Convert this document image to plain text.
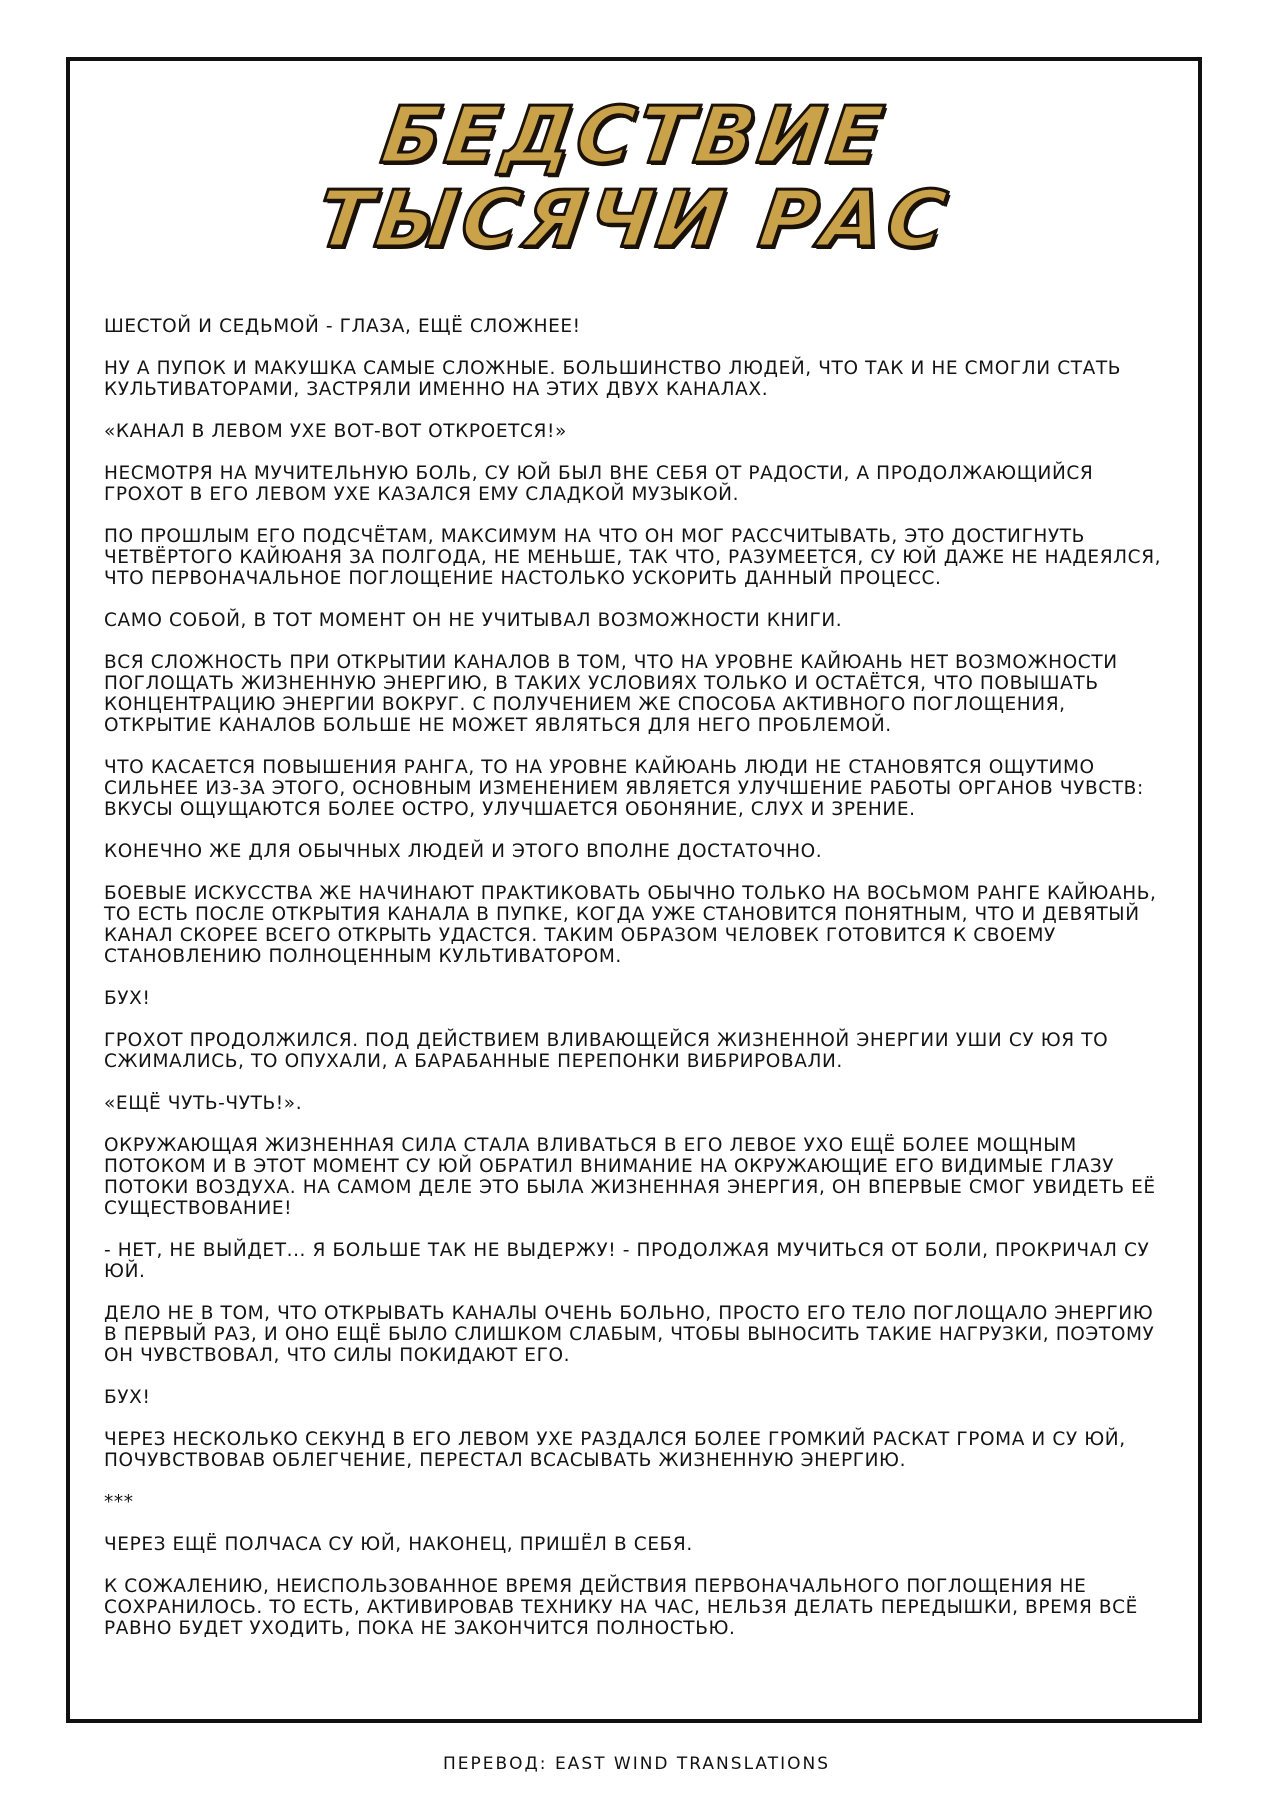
БЕДСТВИЕ
ТЫСЯЧИ РАС

ШЕСТОЙ И СЕДЬМОЙ - ГЛАЗА, ЕЩЁ СЛОЖНЕЕ!

НУ А ПУПОК И МАКУШКА САМЫЕ СЛОЖНЫЕ. БОЛЬШИНСТВО ЛЮДЕЙ, ЧТО ТАК И НЕ СМОГЛИ СТАТЬ КУЛЬТИВАТОРАМИ, ЗАСТРЯЛИ ИМЕННО НА ЭТИХ ДВУХ КАНАЛАХ.

«КАНАЛ В ЛЕВОМ УХЕ ВОТ-ВОТ ОТКРОЕТСЯ!»

НЕСМОТРЯ НА МУЧИТЕЛЬНУЮ БОЛЬ, СУ ЮЙ БЫЛ ВНЕ СЕБЯ ОТ РАДОСТИ, А ПРОДОЛЖАЮЩИЙСЯ ГРОХОТ В ЕГО ЛЕВОМ УХЕ КАЗАЛСЯ ЕМУ СЛАДКОЙ МУЗЫКОЙ.

ПО ПРОШЛЫМ ЕГО ПОДСЧЁТАМ, МАКСИМУМ НА ЧТО ОН МОГ РАССЧИТЫВАТЬ, ЭТО ДОСТИГНУТЬ ЧЕТВЁРТОГО КАЙЮАНЯ ЗА ПОЛГОДА, НЕ МЕНЬШЕ, ТАК ЧТО, РАЗУМЕЕТСЯ, СУ ЮЙ ДАЖЕ НЕ НАДЕЯЛСЯ, ЧТО ПЕРВОНАЧАЛЬНОЕ ПОГЛОЩЕНИЕ НАСТОЛЬКО УСКОРИТЬ ДАННЫЙ ПРОЦЕСС.

САМО СОБОЙ, В ТОТ МОМЕНТ ОН НЕ УЧИТЫВАЛ ВОЗМОЖНОСТИ КНИГИ.

ВСЯ СЛОЖНОСТЬ ПРИ ОТКРЫТИИ КАНАЛОВ В ТОМ, ЧТО НА УРОВНЕ КАЙЮАНЬ НЕТ ВОЗМОЖНОСТИ ПОГЛОЩАТЬ ЖИЗНЕННУЮ ЭНЕРГИЮ, В ТАКИХ УСЛОВИЯХ ТОЛЬКО И ОСТАЁТСЯ, ЧТО ПОВЫШАТЬ КОНЦЕНТРАЦИЮ ЭНЕРГИИ ВОКРУГ. С ПОЛУЧЕНИЕМ ЖЕ СПОСОБА АКТИВНОГО ПОГЛОЩЕНИЯ, ОТКРЫТИЕ КАНАЛОВ БОЛЬШЕ НЕ МОЖЕТ ЯВЛЯТЬСЯ ДЛЯ НЕГО ПРОБЛЕМОЙ.

ЧТО КАСАЕТСЯ ПОВЫШЕНИЯ РАНГА, ТО НА УРОВНЕ КАЙЮАНЬ ЛЮДИ НЕ СТАНОВЯТСЯ ОЩУТИМО СИЛЬНЕЕ ИЗ-ЗА ЭТОГО, ОСНОВНЫМ ИЗМЕНЕНИЕМ ЯВЛЯЕТСЯ УЛУЧШЕНИЕ РАБОТЫ ОРГАНОВ ЧУВСТВ: ВКУСЫ ОЩУЩАЮТСЯ БОЛЕЕ ОСТРО, УЛУЧШАЕТСЯ ОБОНЯНИЕ, СЛУХ И ЗРЕНИЕ.

КОНЕЧНО ЖЕ ДЛЯ ОБЫЧНЫХ ЛЮДЕЙ И ЭТОГО ВПОЛНЕ ДОСТАТОЧНО.

БОЕВЫЕ ИСКУССТВА ЖЕ НАЧИНАЮТ ПРАКТИКОВАТЬ ОБЫЧНО ТОЛЬКО НА ВОСЬМОМ РАНГЕ КАЙЮАНЬ, ТО ЕСТЬ ПОСЛЕ ОТКРЫТИЯ КАНАЛА В ПУПКЕ, КОГДА УЖЕ СТАНОВИТСЯ ПОНЯТНЫМ, ЧТО И ДЕВЯТЫЙ КАНАЛ СКОРЕЕ ВСЕГО ОТКРЫТЬ УДАСТСЯ. ТАКИМ ОБРАЗОМ ЧЕЛОВЕК ГОТОВИТСЯ К СВОЕМУ СТАНОВЛЕНИЮ ПОЛНОЦЕННЫМ КУЛЬТИВАТОРОМ.

БУХ!

ГРОХОТ ПРОДОЛЖИЛСЯ. ПОД ДЕЙСТВИЕМ ВЛИВАЮЩЕЙСЯ ЖИЗНЕННОЙ ЭНЕРГИИ УШИ СУ ЮЯ ТО СЖИМАЛИСЬ, ТО ОПУХАЛИ, А БАРАБАННЫЕ ПЕРЕПОНКИ ВИБРИРОВАЛИ.

«ЕЩЁ ЧУТЬ-ЧУТЬ!».

ОКРУЖАЮЩАЯ ЖИЗНЕННАЯ СИЛА СТАЛА ВЛИВАТЬСЯ В ЕГО ЛЕВОЕ УХО ЕЩЁ БОЛЕЕ МОЩНЫМ ПОТОКОМ И В ЭТОТ МОМЕНТ СУ ЮЙ ОБРАТИЛ ВНИМАНИЕ НА ОКРУЖАЮЩИЕ ЕГО ВИДИМЫЕ ГЛАЗУ ПОТОКИ ВОЗДУХА. НА САМОМ ДЕЛЕ ЭТО БЫЛА ЖИЗНЕННАЯ ЭНЕРГИЯ, ОН ВПЕРВЫЕ СМОГ УВИДЕТЬ ЕЁ СУЩЕСТВОВАНИЕ!

- НЕТ, НЕ ВЫЙДЕТ... Я БОЛЬШЕ ТАК НЕ ВЫДЕРЖУ! - ПРОДОЛЖАЯ МУЧИТЬСЯ ОТ БОЛИ, ПРОКРИЧАЛ СУ ЮЙ.

ДЕЛО НЕ В ТОМ, ЧТО ОТКРЫВАТЬ КАНАЛЫ ОЧЕНЬ БОЛЬНО, ПРОСТО ЕГО ТЕЛО ПОГЛОЩАЛО ЭНЕРГИЮ В ПЕРВЫЙ РАЗ, И ОНО ЕЩЁ БЫЛО СЛИШКОМ СЛАБЫМ, ЧТОБЫ ВЫНОСИТЬ ТАКИЕ НАГРУЗКИ, ПОЭТОМУ ОН ЧУВСТВОВАЛ, ЧТО СИЛЫ ПОКИДАЮТ ЕГО.

БУХ!

ЧЕРЕЗ НЕСКОЛЬКО СЕКУНД В ЕГО ЛЕВОМ УХЕ РАЗДАЛСЯ БОЛЕЕ ГРОМКИЙ РАСКАТ ГРОМА И СУ ЮЙ, ПОЧУВСТВОВАВ ОБЛЕГЧЕНИЕ, ПЕРЕСТАЛ ВСАСЫВАТЬ ЖИЗНЕННУЮ ЭНЕРГИЮ.

***

ЧЕРЕЗ ЕЩЁ ПОЛЧАСА СУ ЮЙ, НАКОНЕЦ, ПРИШЁЛ В СЕБЯ.

К СОЖАЛЕНИЮ, НЕИСПОЛЬЗОВАННОЕ ВРЕМЯ ДЕЙСТВИЯ ПЕРВОНАЧАЛЬНОГО ПОГЛОЩЕНИЯ НЕ СОХРАНИЛОСЬ. ТО ЕСТЬ, АКТИВИРОВАВ ТЕХНИКУ НА ЧАС, НЕЛЬЗЯ ДЕЛАТЬ ПЕРЕДЫШКИ, ВРЕМЯ ВСЁ РАВНО БУДЕТ УХОДИТЬ, ПОКА НЕ ЗАКОНЧИТСЯ ПОЛНОСТЬЮ.

ПЕРЕВОД: EAST WIND TRANSLATIONS
